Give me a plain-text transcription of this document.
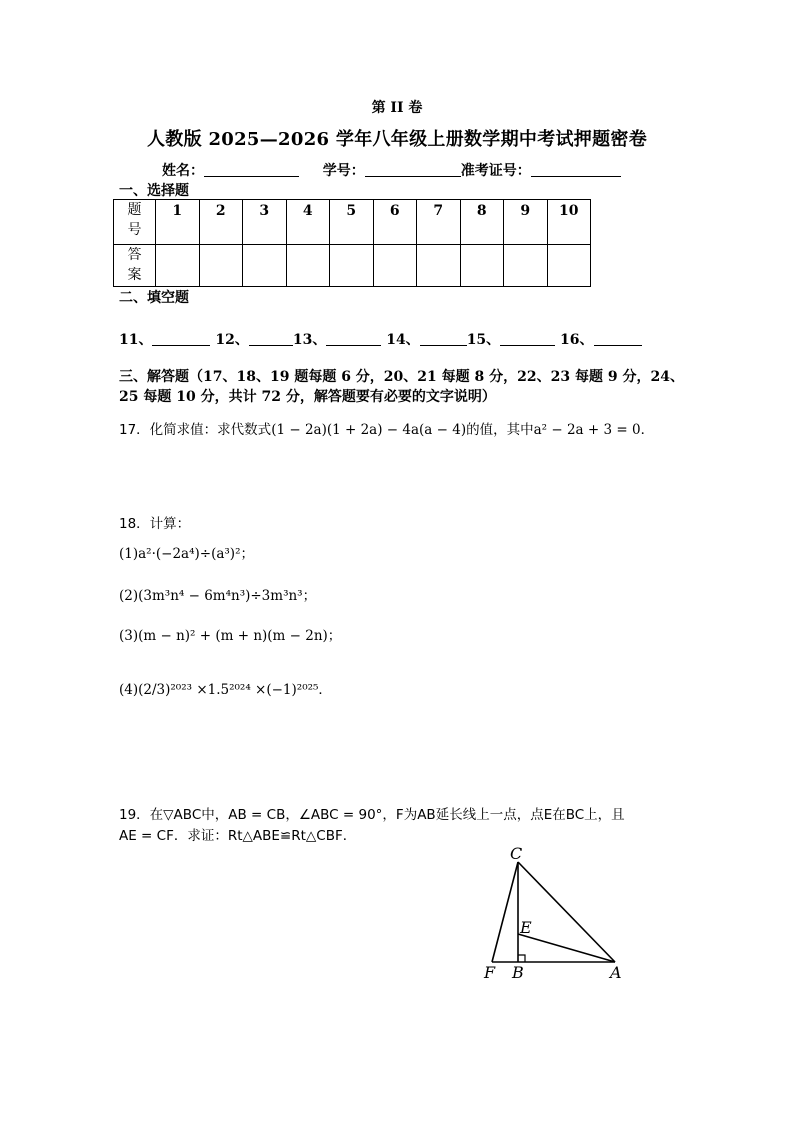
第 II 卷
人教版 2025—2026 学年八年级上册数学期中考试押题密卷
姓名：	学号：	准考证号：
一、选择题
题号	1	2	3	4	5	6	7	8	9	10
答案										
二、填空题
11、	12、	13、	14、	15、	16、
三、解答题（17、18、19 题每题 6 分，20、21 每题 8 分，22、23 每题 9 分，24、
25 每题 10 分，共计 72 分，解答题要有必要的文字说明）
17．化简求值：求代数式(1 − 2a)(1 + 2a) − 4a(a − 4)的值，其中a² − 2a + 3 = 0．
18．计算：
(1)a²·(−2a⁴)÷(a³)²；
(2)(3m³n⁴ − 6m⁴n³)÷3m³n³；
(3)(m − n)² + (m + n)(m − 2n)；
(4)(2/3)²⁰²³ ×1.5²⁰²⁴ ×(−1)²⁰²⁵．
19．在▽ABC中，AB = CB，∠ABC = 90°，F为AB延长线上一点，点E在BC上，且
AE = CF．求证：Rt△ABE≌Rt△CBF．
C
E
F B	A
